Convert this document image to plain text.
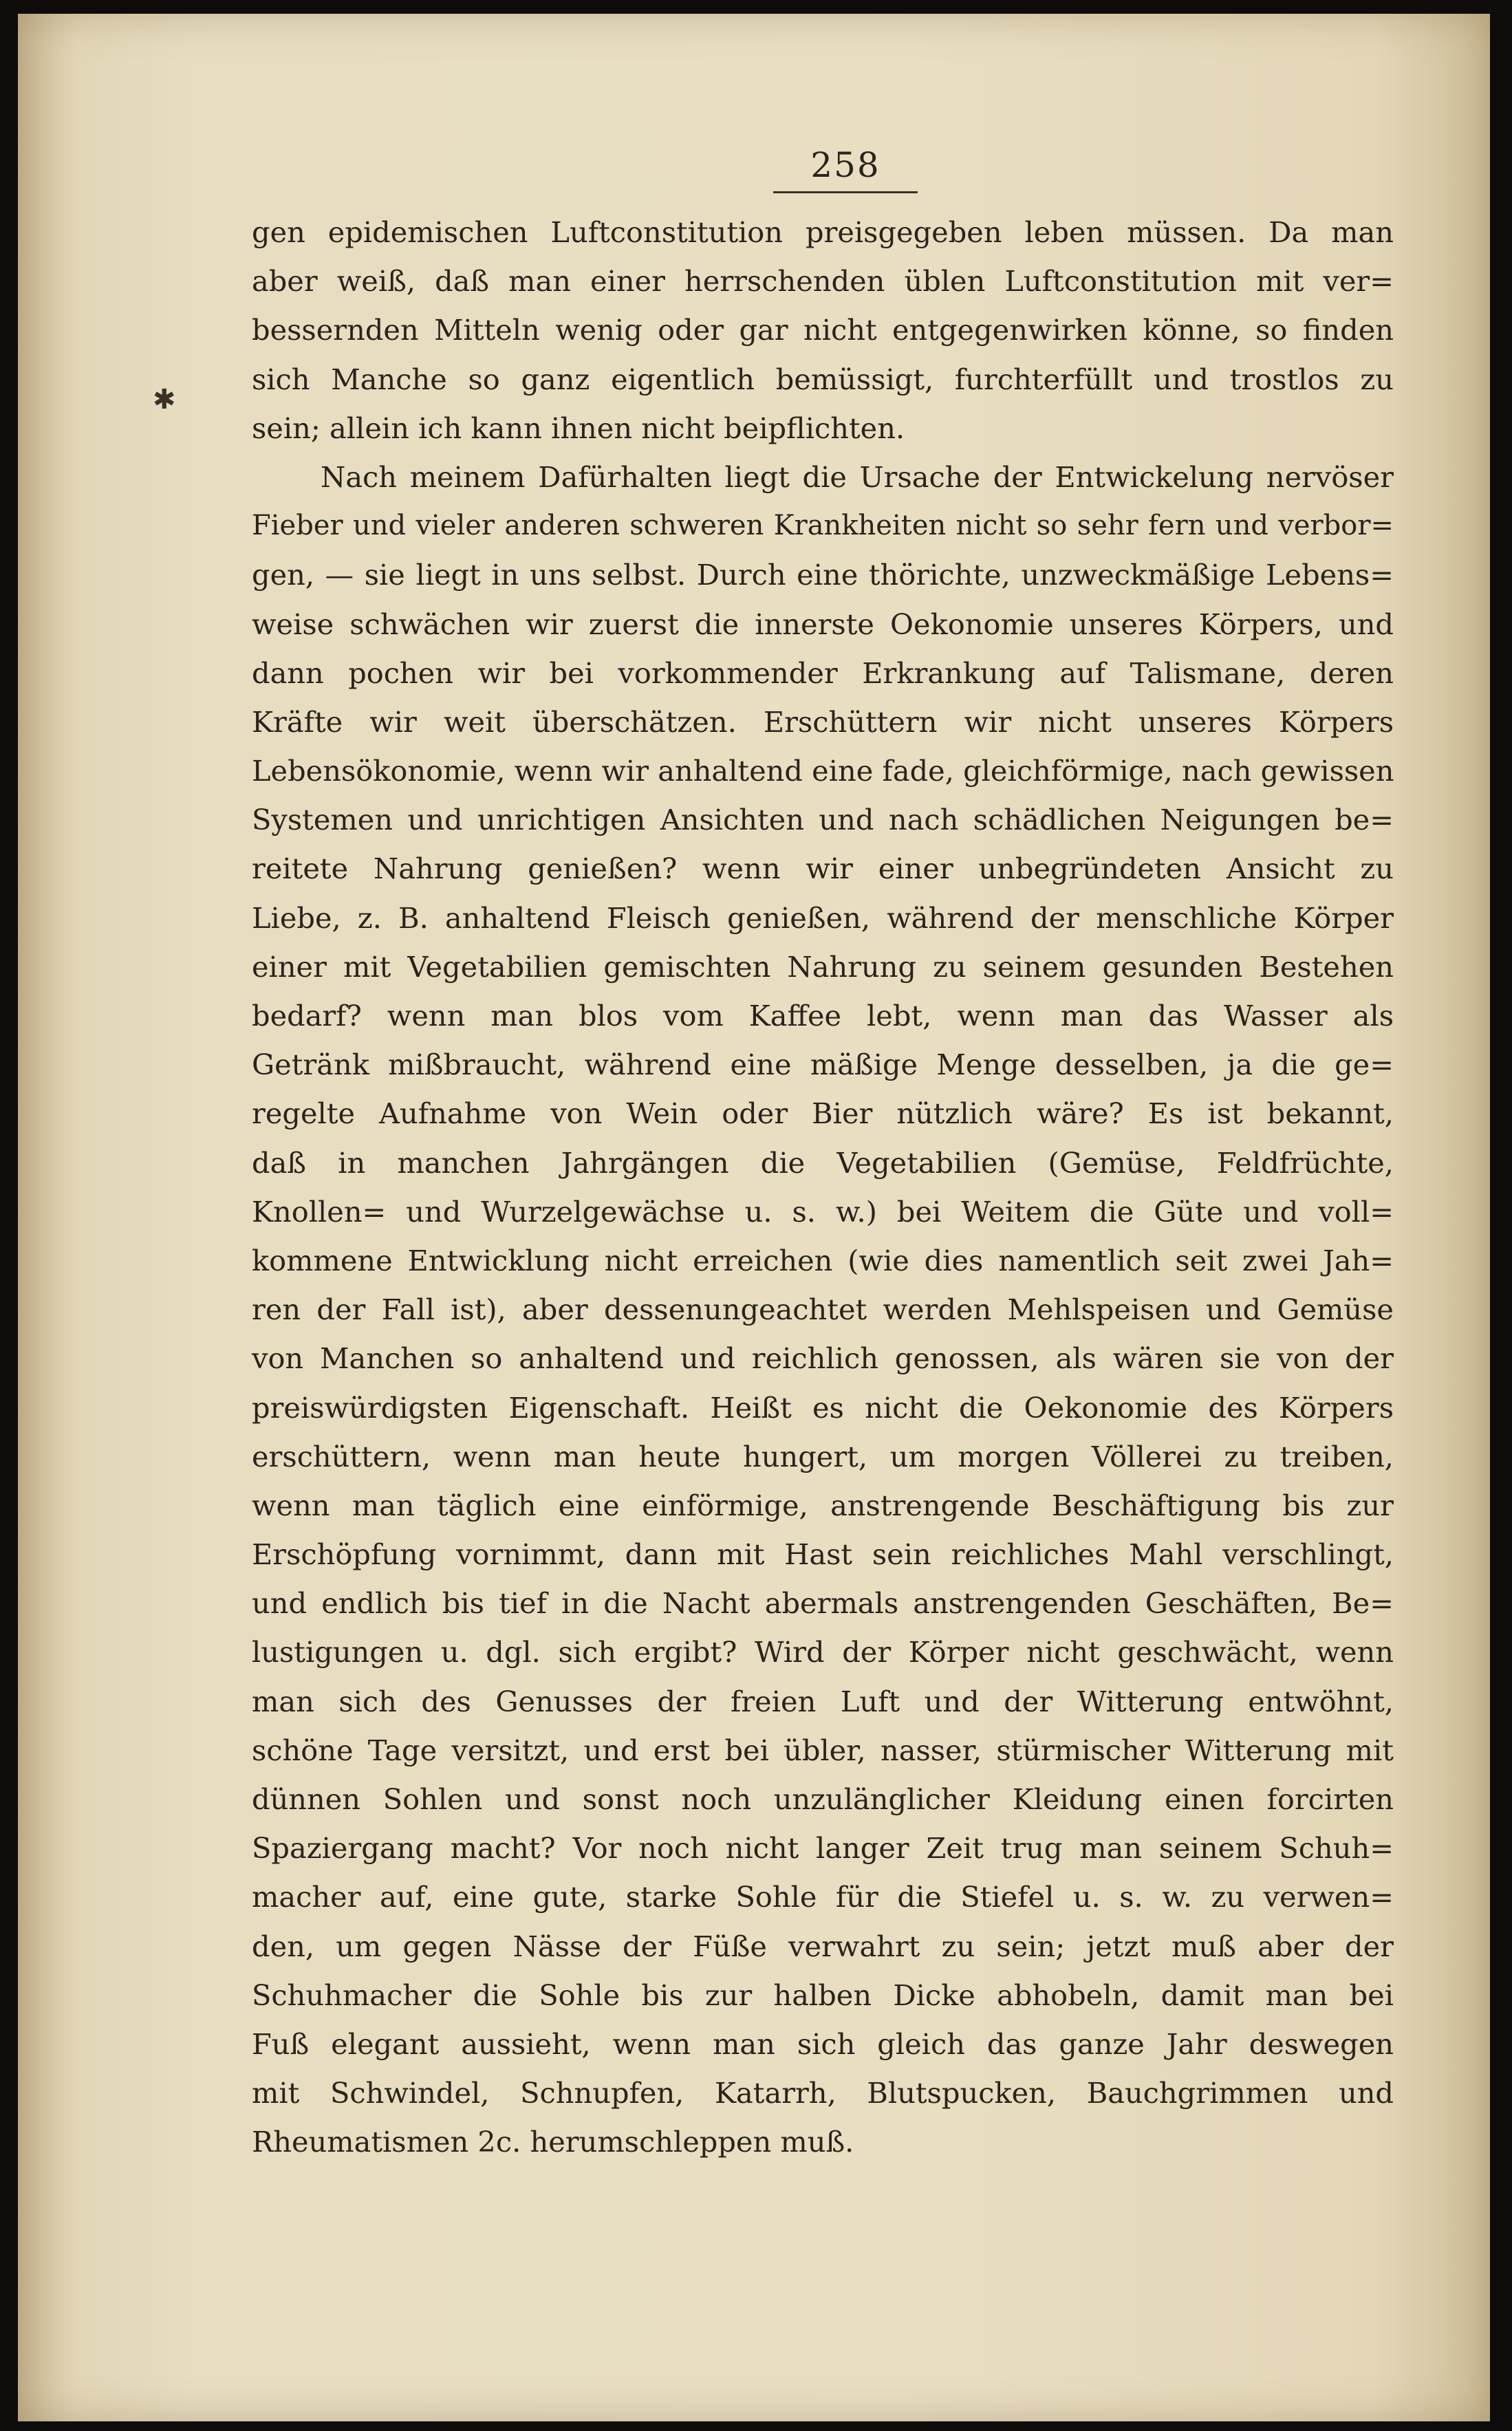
258
✱
gen epidemischen Luftconstitution preisgegeben leben müssen. Da man
aber weiß, daß man einer herrschenden üblen Luftconstitution mit ver=
bessernden Mitteln wenig oder gar nicht entgegenwirken könne, so finden
sich Manche so ganz eigentlich bemüssigt, furchterfüllt und trostlos zu
sein; allein ich kann ihnen nicht beipflichten.
Nach meinem Dafürhalten liegt die Ursache der Entwickelung nervöser
Fieber und vieler anderen schweren Krankheiten nicht so sehr fern und verbor=
gen, — sie liegt in uns selbst. Durch eine thörichte, unzweckmäßige Lebens=
weise schwächen wir zuerst die innerste Oekonomie unseres Körpers, und
dann pochen wir bei vorkommender Erkrankung auf Talismane, deren
Kräfte wir weit überschätzen. Erschüttern wir nicht unseres Körpers
Lebensökonomie, wenn wir anhaltend eine fade, gleichförmige, nach gewissen
Systemen und unrichtigen Ansichten und nach schädlichen Neigungen be=
reitete Nahrung genießen? wenn wir einer unbegründeten Ansicht zu
Liebe, z. B. anhaltend Fleisch genießen, während der menschliche Körper
einer mit Vegetabilien gemischten Nahrung zu seinem gesunden Bestehen
bedarf? wenn man blos vom Kaffee lebt, wenn man das Wasser als
Getränk mißbraucht, während eine mäßige Menge desselben, ja die ge=
regelte Aufnahme von Wein oder Bier nützlich wäre? Es ist bekannt,
daß in manchen Jahrgängen die Vegetabilien (Gemüse, Feldfrüchte,
Knollen= und Wurzelgewächse u. s. w.) bei Weitem die Güte und voll=
kommene Entwicklung nicht erreichen (wie dies namentlich seit zwei Jah=
ren der Fall ist), aber dessenungeachtet werden Mehlspeisen und Gemüse
von Manchen so anhaltend und reichlich genossen, als wären sie von der
preiswürdigsten Eigenschaft. Heißt es nicht die Oekonomie des Körpers
erschüttern, wenn man heute hungert, um morgen Völlerei zu treiben,
wenn man täglich eine einförmige, anstrengende Beschäftigung bis zur
Erschöpfung vornimmt, dann mit Hast sein reichliches Mahl verschlingt,
und endlich bis tief in die Nacht abermals anstrengenden Geschäften, Be=
lustigungen u. dgl. sich ergibt? Wird der Körper nicht geschwächt, wenn
man sich des Genusses der freien Luft und der Witterung entwöhnt,
schöne Tage versitzt, und erst bei übler, nasser, stürmischer Witterung mit
dünnen Sohlen und sonst noch unzulänglicher Kleidung einen forcirten
Spaziergang macht? Vor noch nicht langer Zeit trug man seinem Schuh=
macher auf, eine gute, starke Sohle für die Stiefel u. s. w. zu verwen=
den, um gegen Nässe der Füße verwahrt zu sein; jetzt muß aber der
Schuhmacher die Sohle bis zur halben Dicke abhobeln, damit man bei
Fuß elegant aussieht, wenn man sich gleich das ganze Jahr deswegen
mit Schwindel, Schnupfen, Katarrh, Blutspucken, Bauchgrimmen und
Rheumatismen 2c. herumschleppen muß.
